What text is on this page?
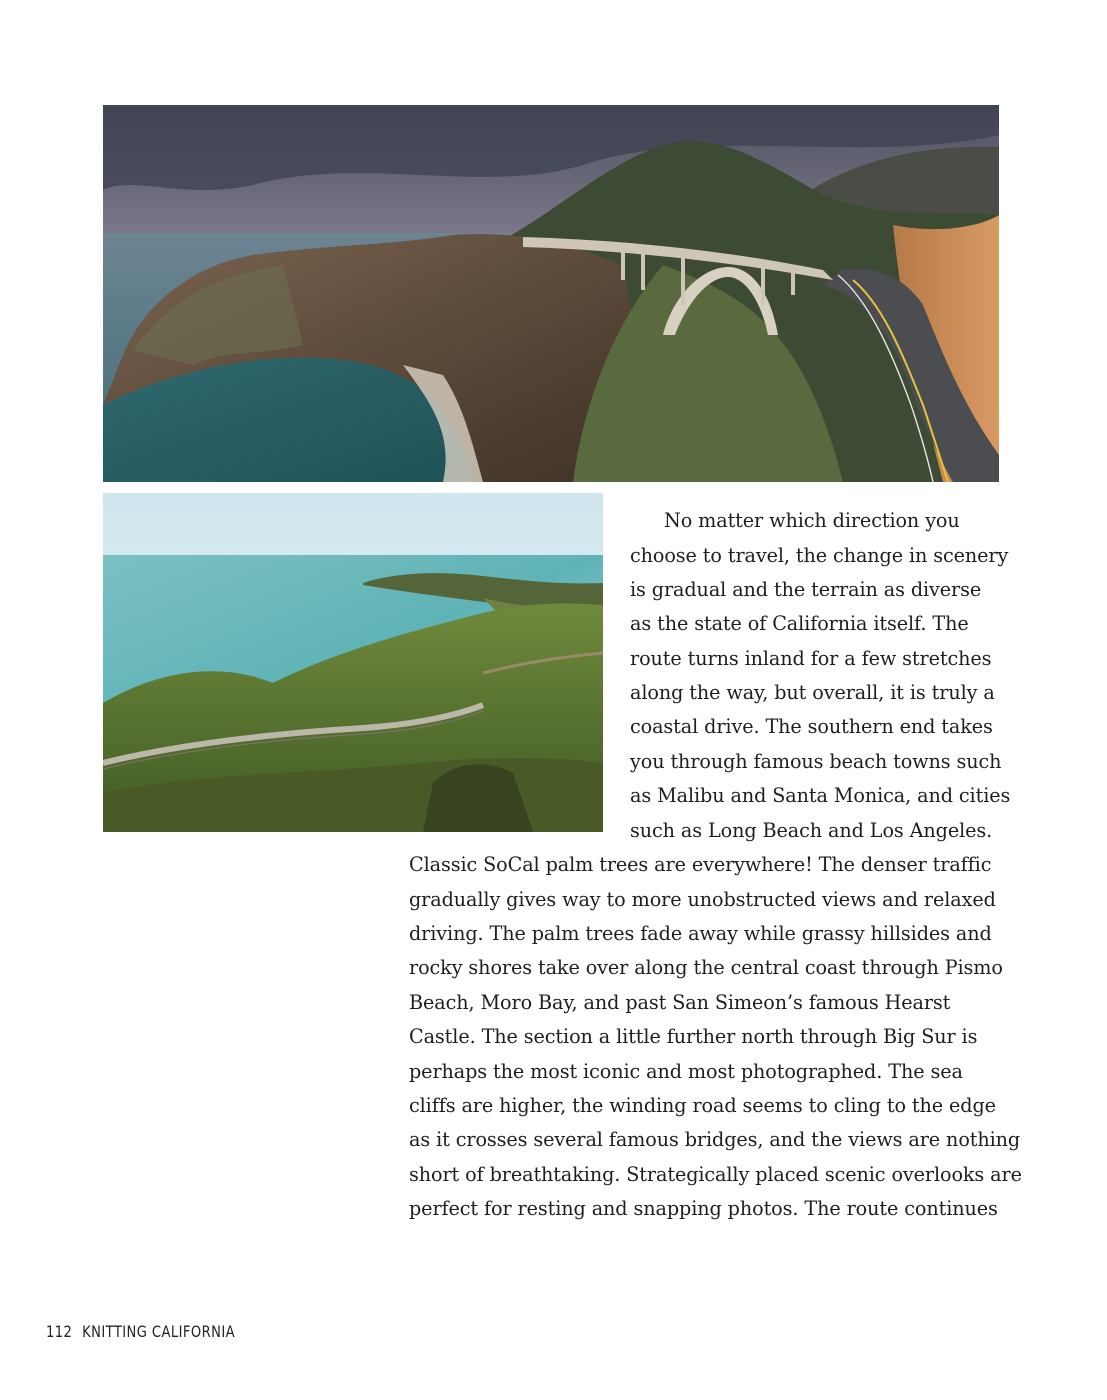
No matter which direction you
choose to travel, the change in scenery
is gradual and the terrain as diverse
as the state of California itself. The
route turns inland for a few stretches
along the way, but overall, it is truly a
coastal drive. The southern end takes
you through famous beach towns such
as Malibu and Santa Monica, and cities
such as Long Beach and Los Angeles.
Classic SoCal palm trees are everywhere! The denser traffic
gradually gives way to more unobstructed views and relaxed
driving. The palm trees fade away while grassy hillsides and
rocky shores take over along the central coast through Pismo
Beach, Moro Bay, and past San Simeon’s famous Hearst
Castle. The section a little further north through Big Sur is
perhaps the most iconic and most photographed. The sea
cliffs are higher, the winding road seems to cling to the edge
as it crosses several famous bridges, and the views are nothing
short of breathtaking. Strategically placed scenic overlooks are
perfect for resting and snapping photos. The route continues
112 KNITTING CALIFORNIA
